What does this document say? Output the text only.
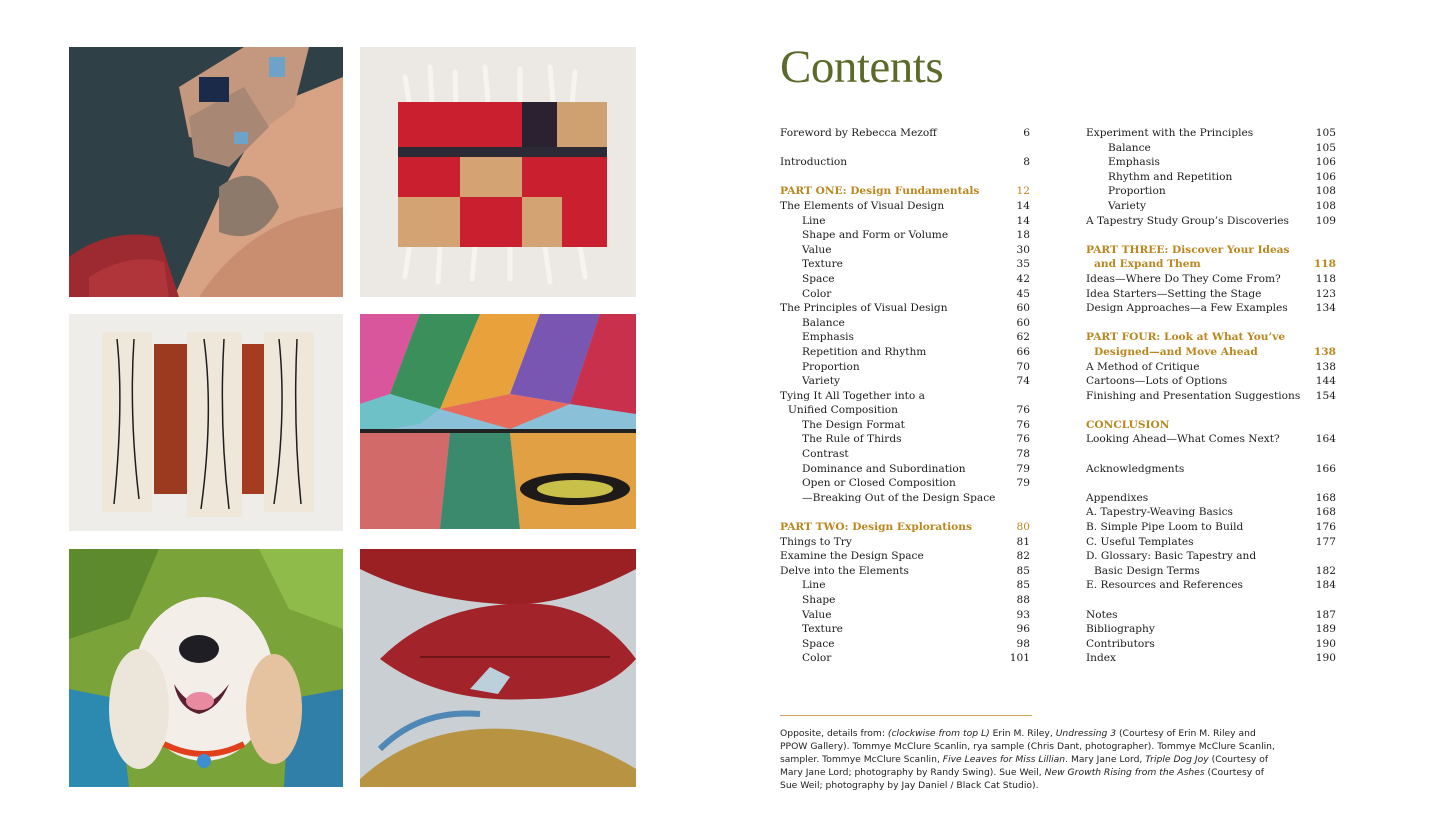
Contents
Foreword by Rebecca Mezoff	6
Introduction	8
PART ONE: Design Fundamentals	12
The Elements of Visual Design	14
Line	14
Shape and Form or Volume	18
Value	30
Texture	35
Space	42
Color	45
The Principles of Visual Design	60
Balance	60
Emphasis	62
Repetition and Rhythm	66
Proportion	70
Variety	74
Tying It All Together into a
Unified Composition	76
The Design Format	76
The Rule of Thirds	76
Contrast	78
Dominance and Subordination	79
Open or Closed Composition	79
—Breaking Out of the Design Space
PART TWO: Design Explorations	80
Things to Try	81
Examine the Design Space	82
Delve into the Elements	85
Line	85
Shape	88
Value	93
Texture	96
Space	98
Color	101
Experiment with the Principles	105
Balance	105
Emphasis	106
Rhythm and Repetition	106
Proportion	108
Variety	108
A Tapestry Study Group’s Discoveries	109
PART THREE: Discover Your Ideas
and Expand Them	118
Ideas—Where Do They Come From?	118
Idea Starters—Setting the Stage	123
Design Approaches—a Few Examples	134
PART FOUR: Look at What You’ve
Designed—and Move Ahead	138
A Method of Critique	138
Cartoons—Lots of Options	144
Finishing and Presentation Suggestions 154
CONCLUSION
Looking Ahead—What Comes Next?	164
Acknowledgments	166
Appendixes	168
A. Tapestry-Weaving Basics	168
B. Simple Pipe Loom to Build	176
C. Useful Templates	177
D. Glossary: Basic Tapestry and
Basic Design Terms	182
E. Resources and References	184
Notes	187
Bibliography	189
Contributors	190
Index	190
Opposite, details from: (clockwise from top L) Erin M. Riley, Undressing 3 (Courtesy of Erin M. Riley and PPOW Gallery). Tommye McClure Scanlin, rya sample (Chris Dant, photographer). Tommye McClure Scanlin, sampler. Tommye McClure Scanlin, Five Leaves for Miss Lillian. Mary Jane Lord, Triple Dog Joy (Courtesy of Mary Jane Lord; photography by Randy Swing). Sue Weil, New Growth Rising from the Ashes (Courtesy of Sue Weil; photography by Jay Daniel / Black Cat Studio).
